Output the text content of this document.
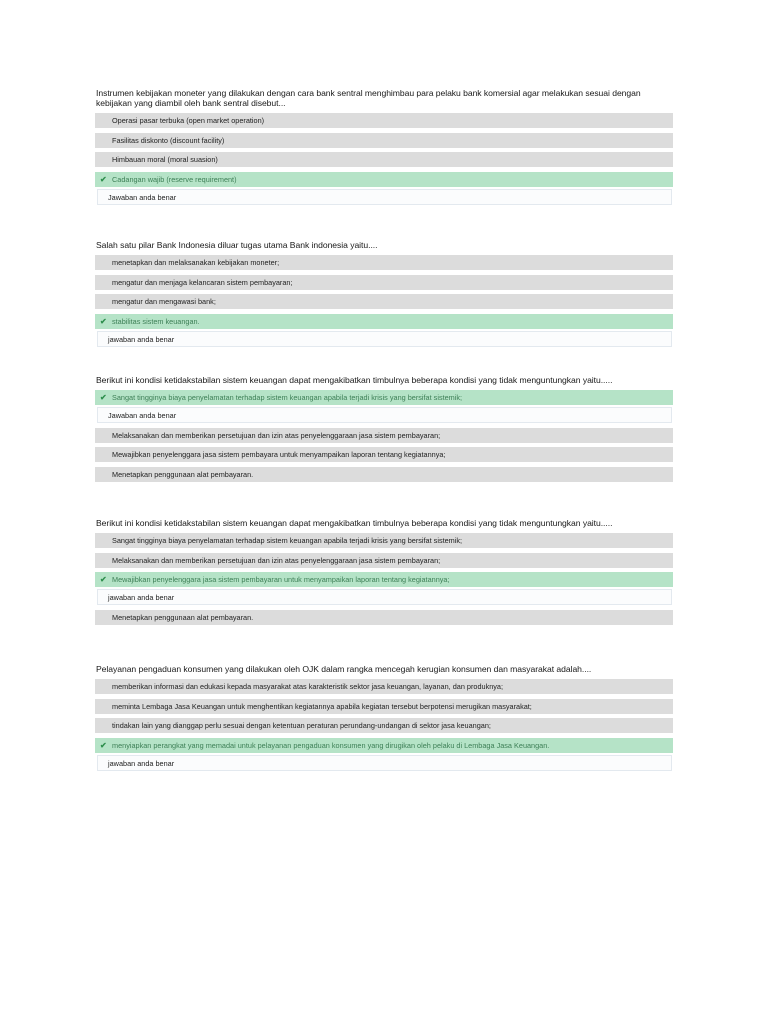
Instrumen kebijakan moneter yang dilakukan dengan cara bank sentral menghimbau para pelaku bank komersial agar melakukan sesuai dengan kebijakan yang diambil oleh bank sentral disebut...
Operasi pasar terbuka (open market operation)
Fasilitas diskonto (discount facility)
Himbauan moral (moral suasion)
✔ Cadangan wajib (reserve requirement)
Jawaban anda benar
Salah satu pilar Bank Indonesia diluar tugas utama Bank indonesia yaitu....
menetapkan dan melaksanakan kebijakan moneter;
mengatur dan menjaga kelancaran sistem pembayaran;
mengatur dan mengawasi bank;
✔ stabilitas sistem keuangan.
jawaban anda benar
Berikut ini kondisi ketidakstabilan sistem keuangan dapat mengakibatkan timbulnya beberapa kondisi yang tidak menguntungkan yaitu.....
✔ Sangat tingginya biaya penyelamatan terhadap sistem keuangan apabila terjadi krisis yang bersifat sistemik;
Jawaban anda benar
Melaksanakan dan memberikan persetujuan dan izin atas penyelenggaraan jasa sistem pembayaran;
Mewajibkan penyelenggara jasa sistem pembayara untuk menyampaikan laporan tentang kegiatannya;
Menetapkan penggunaan alat pembayaran.
Berikut ini kondisi ketidakstabilan sistem keuangan dapat mengakibatkan timbulnya beberapa kondisi yang tidak menguntungkan yaitu.....
Sangat tingginya biaya penyelamatan terhadap sistem keuangan apabila terjadi krisis yang bersifat sistemik;
Melaksanakan dan memberikan persetujuan dan izin atas penyelenggaraan jasa sistem pembayaran;
✔ Mewajibkan penyelenggara jasa sistem pembayaran untuk menyampaikan laporan tentang kegiatannya;
jawaban anda benar
Menetapkan penggunaan alat pembayaran.
Pelayanan pengaduan konsumen yang dilakukan oleh OJK dalam rangka mencegah kerugian konsumen dan masyarakat adalah....
memberikan informasi dan edukasi kepada masyarakat atas karakteristik sektor jasa keuangan, layanan, dan produknya;
meminta Lembaga Jasa Keuangan untuk menghentikan kegiatannya apabila kegiatan tersebut berpotensi merugikan masyarakat;
tindakan lain yang dianggap perlu sesuai dengan ketentuan peraturan perundang-undangan di sektor jasa keuangan;
✔ menyiapkan perangkat yang memadai untuk pelayanan pengaduan konsumen yang dirugikan oleh pelaku di Lembaga Jasa Keuangan.
jawaban anda benar
